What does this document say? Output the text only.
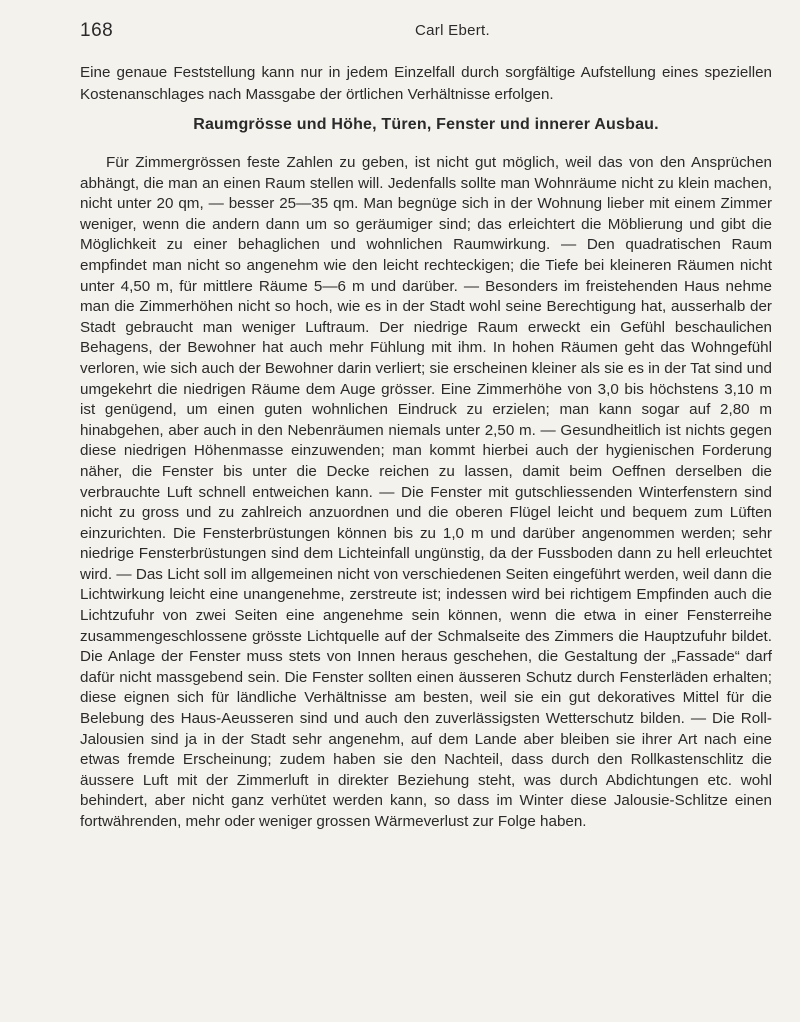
168	Carl Ebert.

Eine genaue Feststellung kann nur in jedem Einzelfall durch sorgfältige Aufstellung eines speziellen Kostenanschlages nach Massgabe der örtlichen Verhältnisse erfolgen.

Raumgrösse und Höhe, Türen, Fenster und innerer Ausbau.

Für Zimmergrössen feste Zahlen zu geben, ist nicht gut möglich, weil das von den Ansprüchen abhängt, die man an einen Raum stellen will. Jedenfalls sollte man Wohnräume nicht zu klein machen, nicht unter 20 qm, — besser 25—35 qm. Man begnüge sich in der Wohnung lieber mit einem Zimmer weniger, wenn die andern dann um so geräumiger sind; das erleichtert die Möblierung und gibt die Möglichkeit zu einer behaglichen und wohnlichen Raumwirkung. — Den quadratischen Raum empfindet man nicht so angenehm wie den leicht rechteckigen; die Tiefe bei kleineren Räumen nicht unter 4,50 m, für mittlere Räume 5—6 m und darüber. — Besonders im freistehenden Haus nehme man die Zimmerhöhen nicht so hoch, wie es in der Stadt wohl seine Berechtigung hat, ausserhalb der Stadt gebraucht man weniger Luftraum. Der niedrige Raum erweckt ein Gefühl beschaulichen Behagens, der Bewohner hat auch mehr Fühlung mit ihm. In hohen Räumen geht das Wohngefühl verloren, wie sich auch der Bewohner darin verliert; sie erscheinen kleiner als sie es in der Tat sind und umgekehrt die niedrigen Räume dem Auge grösser. Eine Zimmerhöhe von 3,0 bis höchstens 3,10 m ist genügend, um einen guten wohnlichen Eindruck zu erzielen; man kann sogar auf 2,80 m hinabgehen, aber auch in den Nebenräumen niemals unter 2,50 m. — Gesundheitlich ist nichts gegen diese niedrigen Höhenmasse einzuwenden; man kommt hierbei auch der hygienischen Forderung näher, die Fenster bis unter die Decke reichen zu lassen, damit beim Oeffnen derselben die verbrauchte Luft schnell entweichen kann. — Die Fenster mit gutschliessenden Winterfenstern sind nicht zu gross und zu zahlreich anzuordnen und die oberen Flügel leicht und bequem zum Lüften einzurichten. Die Fensterbrüstungen können bis zu 1,0 m und darüber angenommen werden; sehr niedrige Fensterbrüstungen sind dem Lichteinfall ungünstig, da der Fussboden dann zu hell erleuchtet wird. — Das Licht soll im allgemeinen nicht von verschiedenen Seiten eingeführt werden, weil dann die Lichtwirkung leicht eine unangenehme, zerstreute ist; indessen wird bei richtigem Empfinden auch die Lichtzufuhr von zwei Seiten eine angenehme sein können, wenn die etwa in einer Fensterreihe zusammengeschlossene grösste Lichtquelle auf der Schmalseite des Zimmers die Hauptzufuhr bildet. Die Anlage der Fenster muss stets von Innen heraus geschehen, die Gestaltung der „Fassade“ darf dafür nicht massgebend sein. Die Fenster sollten einen äusseren Schutz durch Fensterläden erhalten; diese eignen sich für ländliche Verhältnisse am besten, weil sie ein gut dekoratives Mittel für die Belebung des Haus-Aeusseren sind und auch den zuverlässigsten Wetterschutz bilden. — Die Roll-Jalousien sind ja in der Stadt sehr angenehm, auf dem Lande aber bleiben sie ihrer Art nach eine etwas fremde Erscheinung; zudem haben sie den Nachteil, dass durch den Rollkastenschlitz die äussere Luft mit der Zimmerluft in direkter Beziehung steht, was durch Abdichtungen etc. wohl behindert, aber nicht ganz verhütet werden kann, so dass im Winter diese Jalousie-Schlitze einen fortwährenden, mehr oder weniger grossen Wärmeverlust zur Folge haben.
